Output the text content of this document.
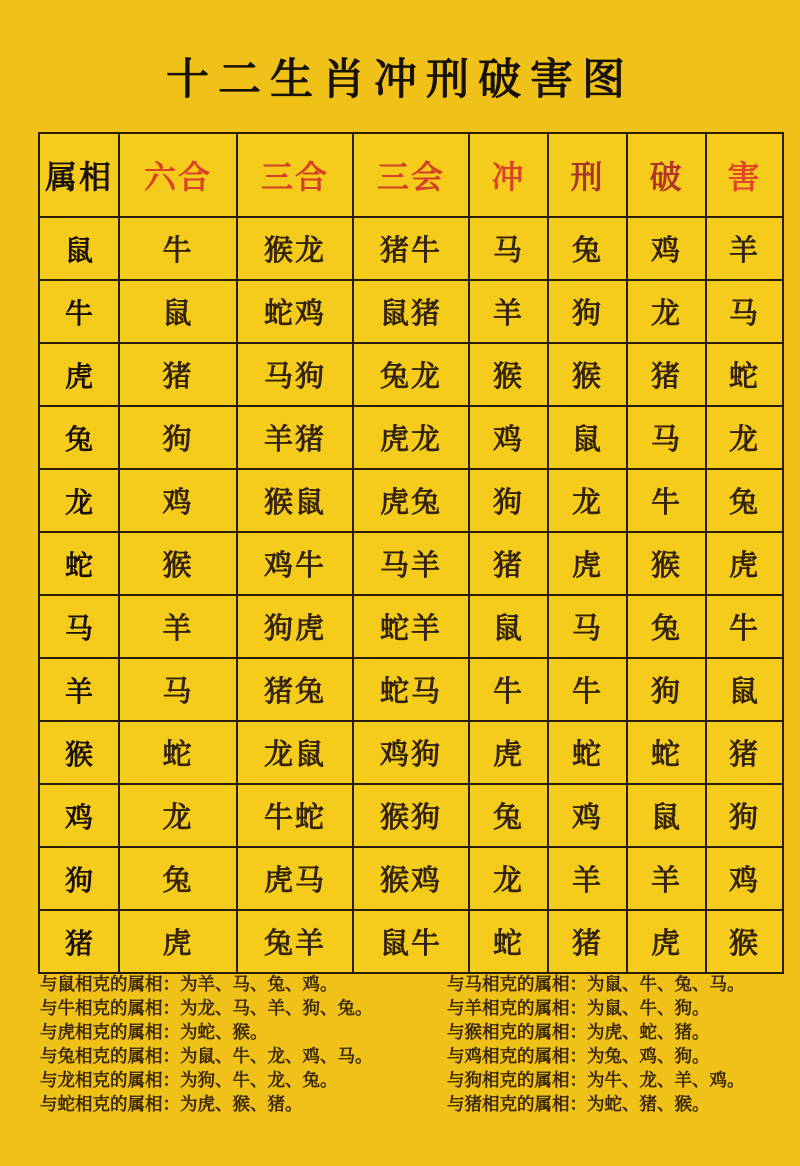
十二生肖冲刑破害图
属相	六合	三合	三会	冲	刑	破	害
鼠	牛	猴龙	猪牛	马	兔	鸡	羊
牛	鼠	蛇鸡	鼠猪	羊	狗	龙	马
虎	猪	马狗	兔龙	猴	猴	猪	蛇
兔	狗	羊猪	虎龙	鸡	鼠	马	龙
龙	鸡	猴鼠	虎兔	狗	龙	牛	兔
蛇	猴	鸡牛	马羊	猪	虎	猴	虎
马	羊	狗虎	蛇羊	鼠	马	兔	牛
羊	马	猪兔	蛇马	牛	牛	狗	鼠
猴	蛇	龙鼠	鸡狗	虎	蛇	蛇	猪
鸡	龙	牛蛇	猴狗	兔	鸡	鼠	狗
狗	兔	虎马	猴鸡	龙	羊	羊	鸡
猪	虎	兔羊	鼠牛	蛇	猪	虎	猴
与鼠相克的属相：为羊、马、兔、鸡。
与牛相克的属相：为龙、马、羊、狗、兔。
与虎相克的属相：为蛇、猴。
与兔相克的属相：为鼠、牛、龙、鸡、马。
与龙相克的属相：为狗、牛、龙、兔。
与蛇相克的属相：为虎、猴、猪。
与马相克的属相：为鼠、牛、兔、马。
与羊相克的属相：为鼠、牛、狗。
与猴相克的属相：为虎、蛇、猪。
与鸡相克的属相：为兔、鸡、狗。
与狗相克的属相：为牛、龙、羊、鸡。
与猪相克的属相：为蛇、猪、猴。
